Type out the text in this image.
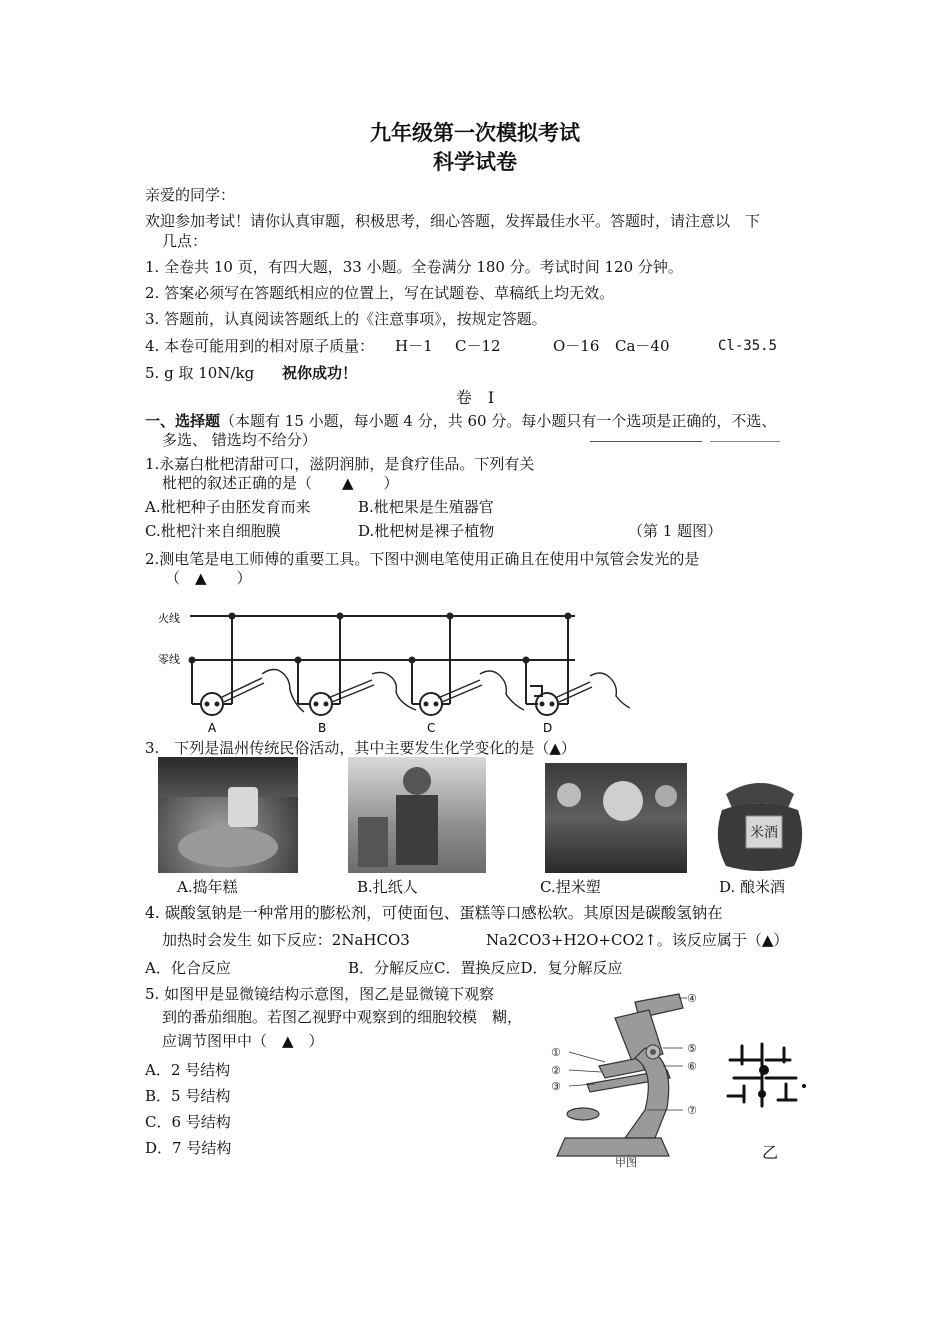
九年级第一次模拟考试
科学试卷
亲爱的同学：
欢迎参加考试！请你认真审题，积极思考，细心答题，发挥最佳水平。答题时，请注意以　下
几点：
1. 全卷共 10 页，有四大题，33 小题。全卷满分 180 分。考试时间 120 分钟。
2. 答案必须写在答题纸相应的位置上，写在试题卷、草稿纸上均无效。
3. 答题前，认真阅读答题纸上的《注意事项》，按规定答题。
4. 本卷可能用到的相对原子质量： H－1 C－12	O－16 Ca－40	Cl-35.5
5. g 取 10N/kg 祝你成功！
卷　I
一、选择题（本题有 15 小题，每小题 4 分，共 60 分。每小题只有一个选项是正确的，不选、
多选、 错选均不给分）
1.永嘉白枇杷清甜可口，滋阴润肺，是食疗佳品。下列有关
枇杷的叙述正确的是（　　▲　　）
A.枇杷种子由胚发育而来	B.枇杷果是生殖器官
C.枇杷汁来自细胞膜	D.枇杷树是裸子植物	（第 1 题图）
2.测电笔是电工师傅的重要工具。下图中测电笔使用正确且在使用中氖管会发光的是
（　▲　　）
火线
零线
A	B	C	D
3.　下列是温州传统民俗活动，其中主要发生化学变化的是（▲）
米酒
A.捣年糕	B.扎纸人	C.捏米塑	D. 酿米酒
4. 碳酸氢钠是一种常用的膨松剂，可使面包、蛋糕等口感松软。其原因是碳酸氢钠在
加热时会发生 如下反应：2NaHCO3	Na2CO3+H2O+CO2↑。该反应属于（▲）
A．化合反应	B．分解反应C．置换反应D．复分解反应
5. 如图甲是显微镜结构示意图，图乙是显微镜下观察
到的番茄细胞。若图乙视野中观察到的细胞较模　糊，
应调节图甲中（　▲　）
A．2 号结构
B．5 号结构
C．6 号结构
D．7 号结构
①
②
③
④
⑤
⑥
⑦
甲图
乙
